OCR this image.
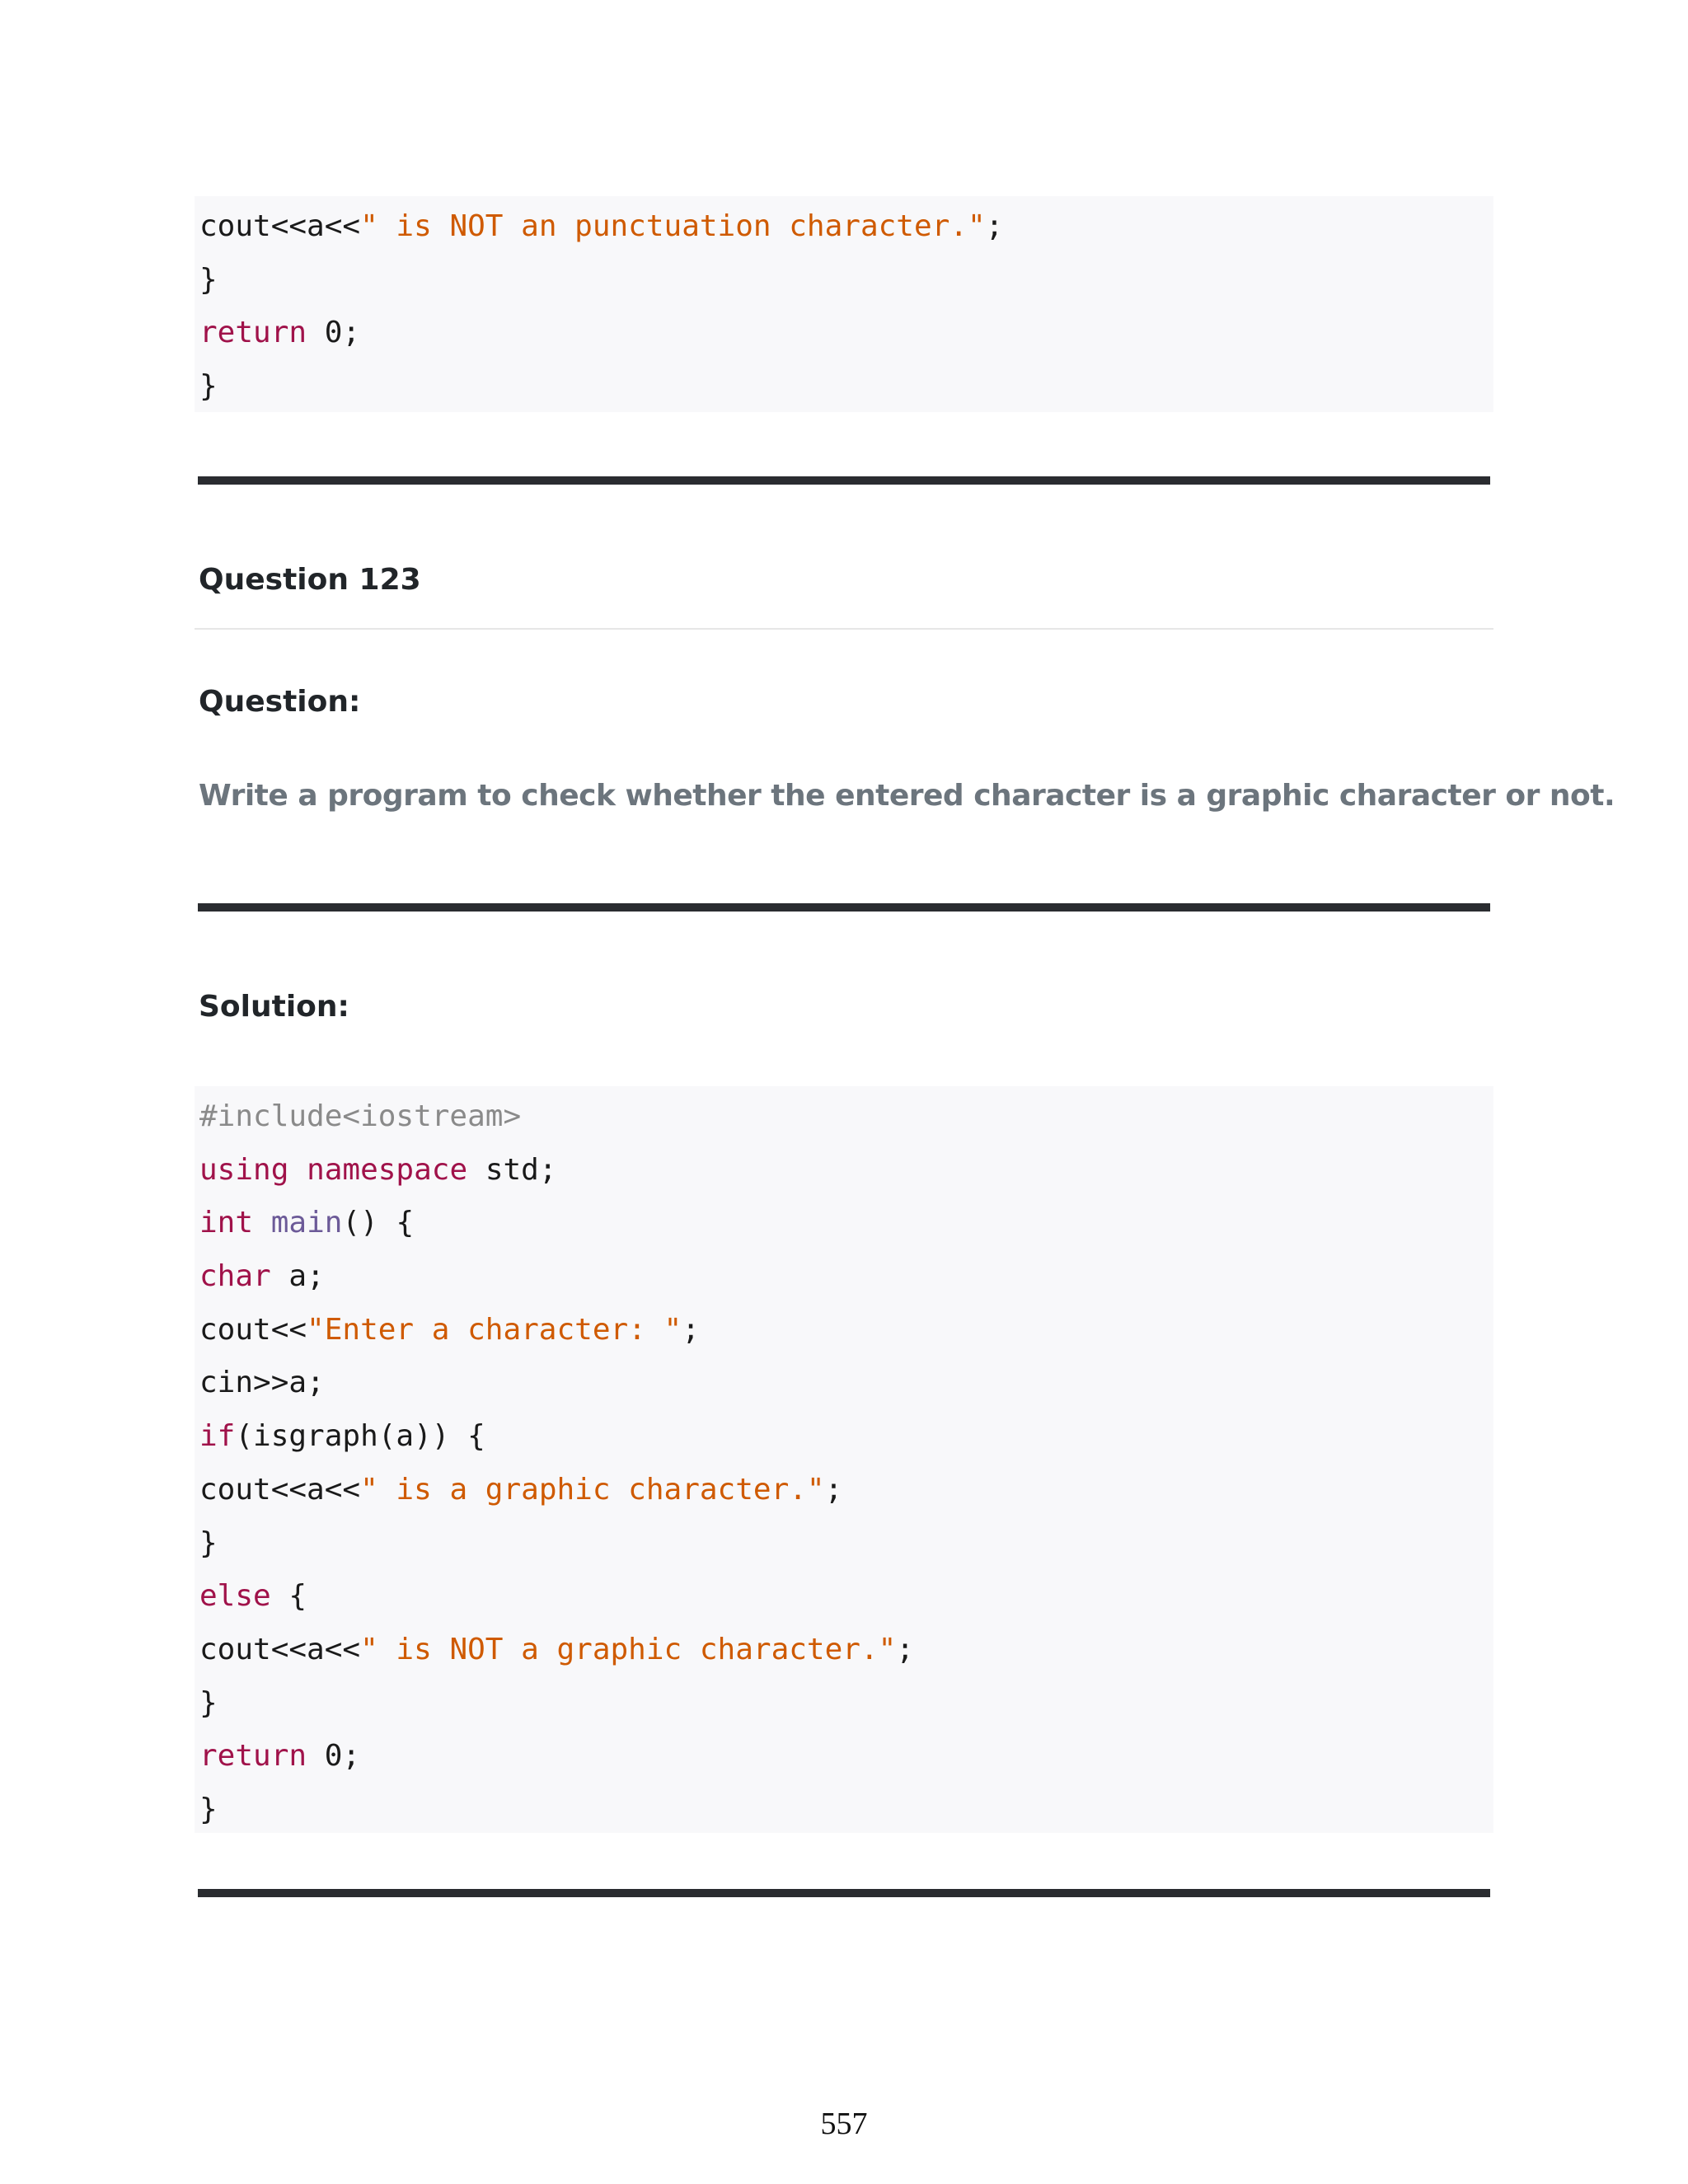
cout<<a<<" is NOT an punctuation character.";
}
return 0;
}
Question 123
Question:
Write a program to check whether the entered character is a graphic character or not.
Solution:
#include<iostream>
using namespace std;
int main() {
char a;
cout<<"Enter a character: ";
cin>>a;
if(isgraph(a)) {
cout<<a<<" is a graphic character.";
}
else {
cout<<a<<" is NOT a graphic character.";
}
return 0;
}
557
